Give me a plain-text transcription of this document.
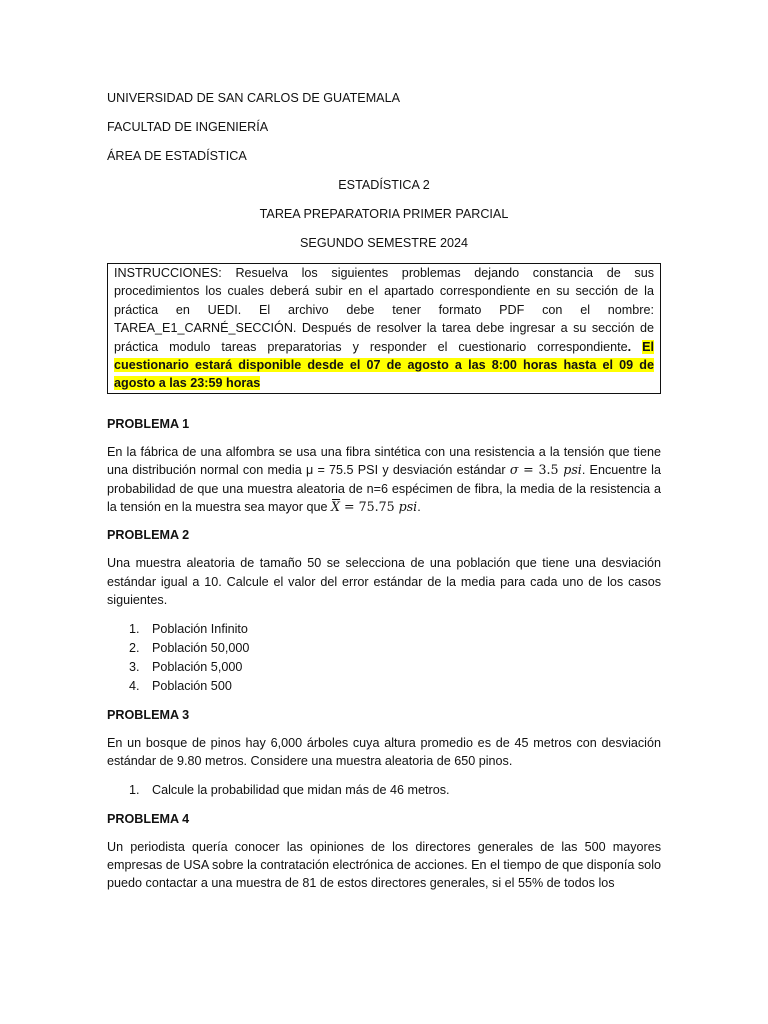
UNIVERSIDAD DE SAN CARLOS DE GUATEMALA
FACULTAD DE INGENIERÍA
ÁREA DE ESTADÍSTICA
ESTADÍSTICA 2
TAREA PREPARATORIA PRIMER PARCIAL
SEGUNDO SEMESTRE 2024
INSTRUCCIONES: Resuelva los siguientes problemas dejando constancia de sus procedimientos los cuales deberá subir en el apartado correspondiente en su sección de la práctica en UEDI. El archivo debe tener formato PDF con el nombre: TAREA_E1_CARNÉ_SECCIÓN. Después de resolver la tarea debe ingresar a su sección de práctica modulo tareas preparatorias y responder el cuestionario correspondiente. El cuestionario estará disponible desde el 07 de agosto a las 8:00 horas hasta el 09 de agosto a las 23:59 horas
PROBLEMA 1
En la fábrica de una alfombra se usa una fibra sintética con una resistencia a la tensión que tiene una distribución normal con media μ = 75.5 PSI y desviación estándar σ = 3.5 psi. Encuentre la probabilidad de que una muestra aleatoria de n=6 espécimen de fibra, la media de la resistencia a la tensión en la muestra sea mayor que X = 75.75 psi.
PROBLEMA 2
Una muestra aleatoria de tamaño 50 se selecciona de una población que tiene una desviación estándar igual a 10. Calcule el valor del error estándar de la media para cada uno de los casos siguientes.
1. Población Infinito
2. Población 50,000
3. Población 5,000
4. Población 500
PROBLEMA 3
En un bosque de pinos hay 6,000 árboles cuya altura promedio es de 45 metros con desviación estándar de 9.80 metros. Considere una muestra aleatoria de 650 pinos.
1. Calcule la probabilidad que midan más de 46 metros.
PROBLEMA 4
Un periodista quería conocer las opiniones de los directores generales de las 500 mayores empresas de USA sobre la contratación electrónica de acciones. En el tiempo de que disponía solo puedo contactar a una muestra de 81 de estos directores generales, si el 55% de todos los
